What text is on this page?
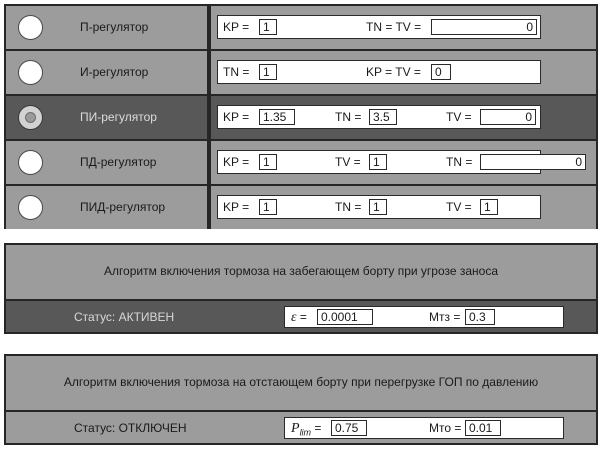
П-регулятор	KP =	1	TN = TV =	0
И-регулятор	TN =	1	KP = TV =	0
ПИ-регулятор	KP =	1.35	TN = 3.5	TV =	0
ПД-регулятор	KP =	1	TV =	1	TN =	0
ПИД-регулятор	KP =	1	TN = 1	TV =	1
Алгоритм включения тормоза на забегающем борту при угрозе заноса
Статус: АКТИВЕН	ε =	0.0001	Мтз = 0.3
Алгоритм включения тормоза на отстающем борту при перегрузке ГОП по давлению
Статус: ОТКЛЮЧЕН	$P_{lim}$ =	0.75	Мто = 0.01
